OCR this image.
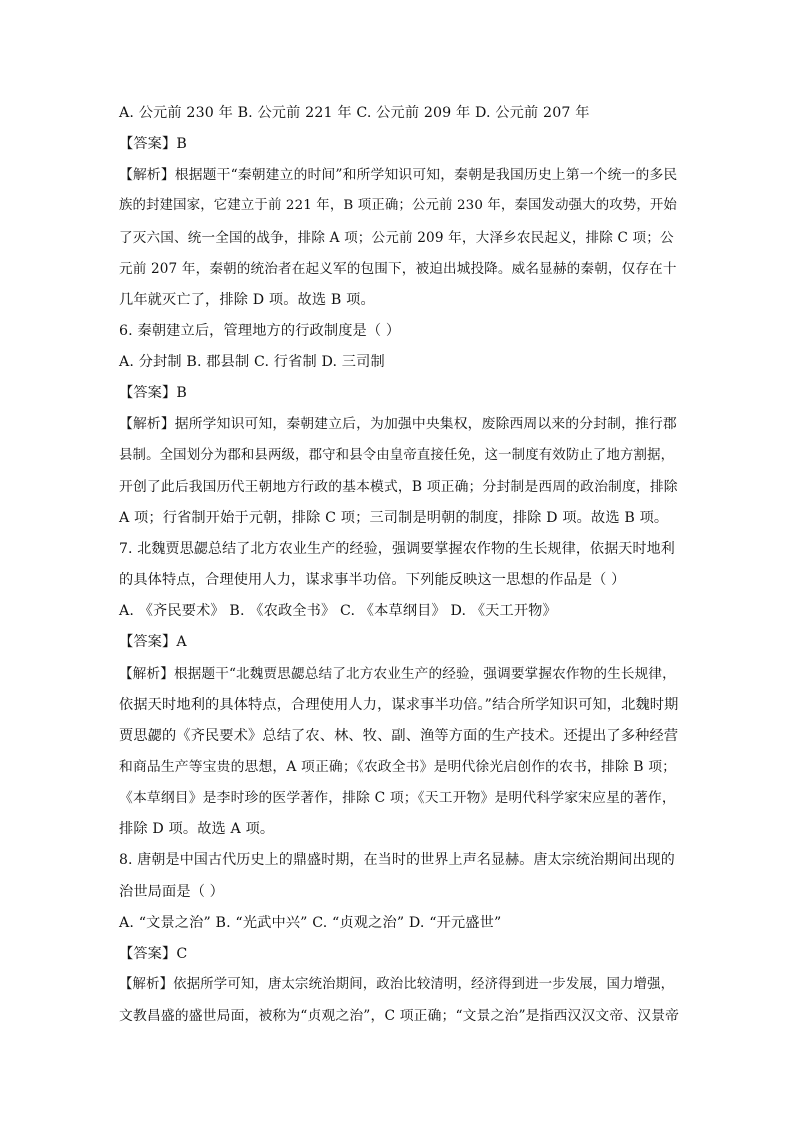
A. 公元前 230 年 B. 公元前 221 年 C. 公元前 209 年 D. 公元前 207 年
【答案】B
【解析】根据题干“秦朝建立的时间”和所学知识可知，秦朝是我国历史上第一个统一的多民
族的封建国家，它建立于前 221 年，B 项正确；公元前 230 年，秦国发动强大的攻势，开始
了灭六国、统一全国的战争，排除 A 项；公元前 209 年，大泽乡农民起义，排除 C 项；公
元前 207 年，秦朝的统治者在起义军的包围下，被迫出城投降。威名显赫的秦朝，仅存在十
几年就灭亡了，排除 D 项。故选 B 项。
6. 秦朝建立后，管理地方的行政制度是（ ）
A. 分封制 B. 郡县制 C. 行省制 D. 三司制
【答案】B
【解析】据所学知识可知，秦朝建立后，为加强中央集权，废除西周以来的分封制，推行郡
县制。全国划分为郡和县两级，郡守和县令由皇帝直接任免，这一制度有效防止了地方割据，
开创了此后我国历代王朝地方行政的基本模式，B 项正确；分封制是西周的政治制度，排除
A 项；行省制开始于元朝，排除 C 项；三司制是明朝的制度，排除 D 项。故选 B 项。
7. 北魏贾思勰总结了北方农业生产的经验，强调要掌握农作物的生长规律，依据天时地利
的具体特点，合理使用人力，谋求事半功倍。下列能反映这一思想的作品是（ ）
A. 《齐民要术》 B. 《农政全书》 C. 《本草纲目》 D. 《天工开物》
【答案】A
【解析】根据题干“北魏贾思勰总结了北方农业生产的经验，强调要掌握农作物的生长规律，
依据天时地利的具体特点，合理使用人力，谋求事半功倍。”结合所学知识可知，北魏时期
贾思勰的《齐民要术》总结了农、林、牧、副、渔等方面的生产技术。还提出了多种经营
和商品生产等宝贵的思想，A 项正确；《农政全书》是明代徐光启创作的农书，排除 B 项；
《本草纲目》是李时珍的医学著作，排除 C 项；《天工开物》是明代科学家宋应星的著作，
排除 D 项。故选 A 项。
8. 唐朝是中国古代历史上的鼎盛时期，在当时的世界上声名显赫。唐太宗统治期间出现的
治世局面是（ ）
A. “文景之治” B. “光武中兴” C. “贞观之治” D. “开元盛世”
【答案】C
【解析】依据所学可知，唐太宗统治期间，政治比较清明，经济得到进一步发展，国力增强，
文教昌盛的盛世局面，被称为“贞观之治”，C 项正确；“文景之治”是指西汉汉文帝、汉景帝
